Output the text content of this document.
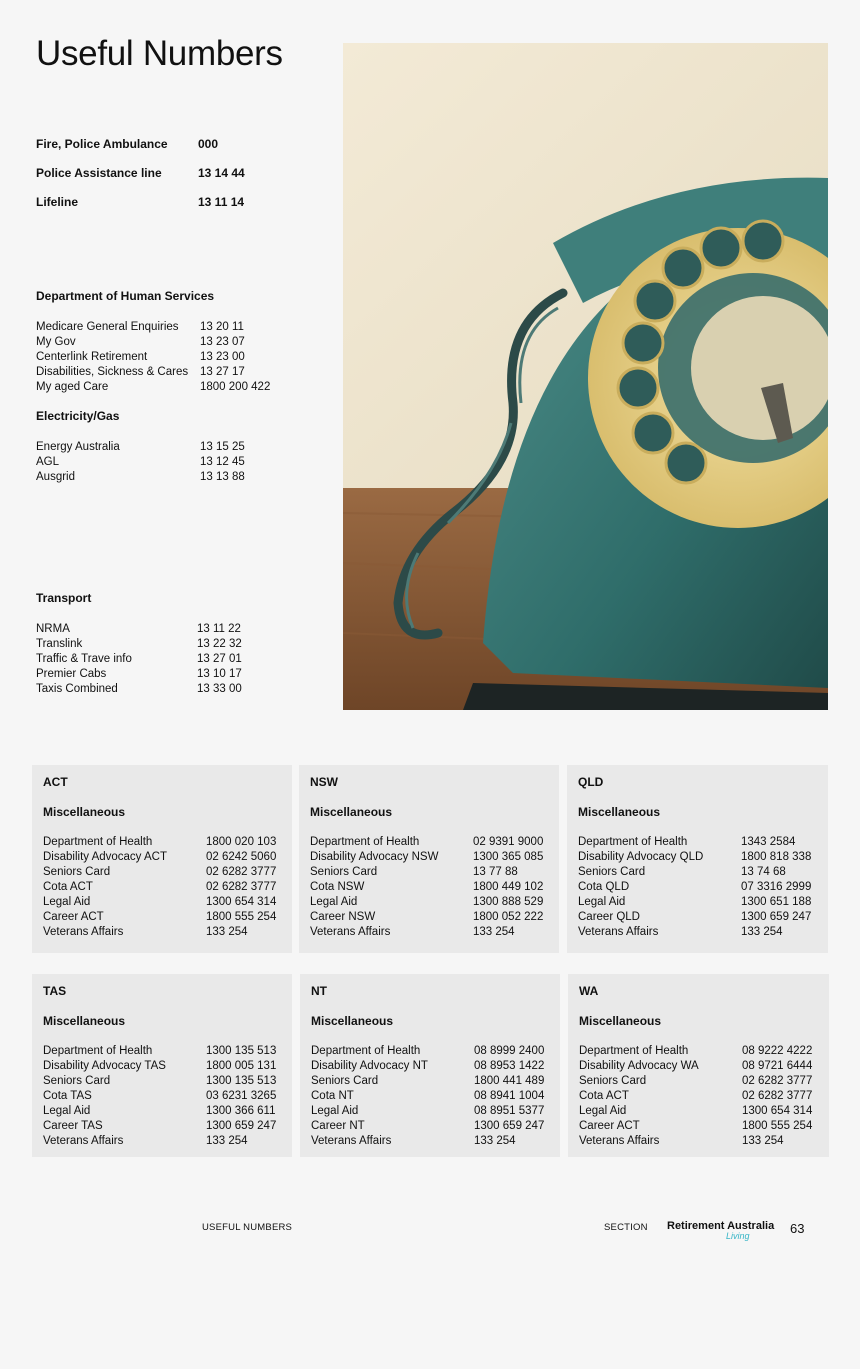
Useful Numbers
Fire, Police Ambulance	000
Police Assistance line	13 14 44
Lifeline	13 11 14
Department of Human Services
Medicare General Enquiries	13 20 11
My Gov	13 23 07
Centerlink Retirement	13 23 00
Disabilities, Sickness & Cares	13 27 17
My aged Care	1800 200 422
Electricity/Gas
Energy Australia	13 15 25
AGL	13 12 45
Ausgrid	13 13 88
Transport
NRMA	13 11 22
Translink	13 22 32
Traffic & Trave info	13 27 01
Premier Cabs	13 10 17
Taxis Combined	13 33 00
ACT
Miscellaneous
Department of Health	1800 020 103
Disability Advocacy ACT	02 6242 5060
Seniors Card	02 6282 3777
Cota ACT	02 6282 3777
Legal Aid	1300 654 314
Career ACT	1800 555 254
Veterans Affairs	133 254
NSW
Miscellaneous
Department of Health	02 9391 9000
Disability Advocacy NSW	1300 365 085
Seniors Card	13 77 88
Cota NSW	1800 449 102
Legal Aid	1300 888 529
Career NSW	1800 052 222
Veterans Affairs	133 254
QLD
Miscellaneous
Department of Health	1343 2584
Disability Advocacy QLD	1800 818 338
Seniors Card	13 74 68
Cota QLD	07 3316 2999
Legal Aid	1300 651 188
Career QLD	1300 659 247
Veterans Affairs	133 254
TAS
Miscellaneous
Department of Health	1300 135 513
Disability Advocacy TAS	1800 005 131
Seniors Card	1300 135 513
Cota TAS	03 6231 3265
Legal Aid	1300 366 611
Career TAS	1300 659 247
Veterans Affairs	133 254
NT
Miscellaneous
Department of Health	08 8999 2400
Disability Advocacy NT	08 8953 1422
Seniors Card	1800 441 489
Cota NT	08 8941 1004
Legal Aid	08 8951 5377
Career NT	1300 659 247
Veterans Affairs	133 254
WA
Miscellaneous
Department of Health	08 9222 4222
Disability Advocacy WA	08 9721 6444
Seniors Card	02 6282 3777
Cota ACT	02 6282 3777
Legal Aid	1300 654 314
Career ACT	1800 555 254
Veterans Affairs	133 254
USEFUL NUMBERS	SECTION Retirement Australia
Living	63
